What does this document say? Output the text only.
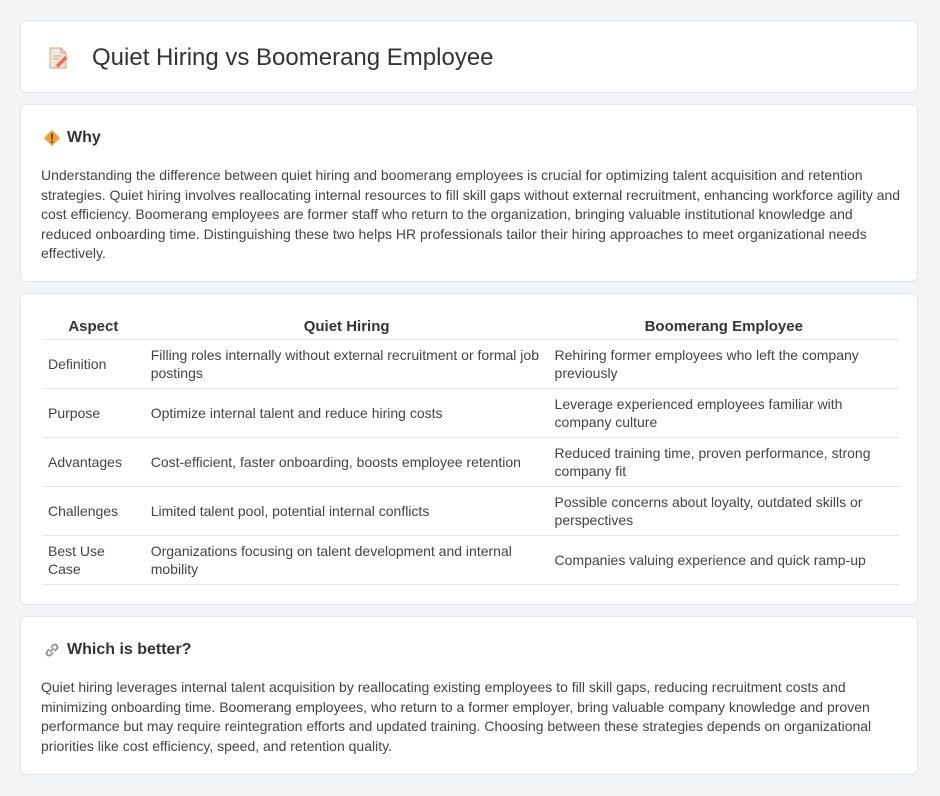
Quiet Hiring vs Boomerang Employee
Why

Understanding the difference between quiet hiring and boomerang employees is crucial for optimizing talent acquisition and retention strategies. Quiet hiring involves reallocating internal resources to fill skill gaps without external recruitment, enhancing workforce agility and cost efficiency. Boomerang employees are former staff who return to the organization, bringing valuable institutional knowledge and reduced onboarding time. Distinguishing these two helps HR professionals tailor their hiring approaches to meet organizational needs effectively.

Aspect	Quiet Hiring	Boomerang Employee
Definition	Filling roles internally without external recruitment or formal job postings	Rehiring former employees who left the company previously
Purpose	Optimize internal talent and reduce hiring costs	Leverage experienced employees familiar with company culture
Advantages	Cost-efficient, faster onboarding, boosts employee retention	Reduced training time, proven performance, strong company fit
Challenges	Limited talent pool, potential internal conflicts	Possible concerns about loyalty, outdated skills or perspectives
Best Use Case	Organizations focusing on talent development and internal mobility	Companies valuing experience and quick ramp-up
Which is better?

Quiet hiring leverages internal talent acquisition by reallocating existing employees to fill skill gaps, reducing recruitment costs and minimizing onboarding time. Boomerang employees, who return to a former employer, bring valuable company knowledge and proven performance but may require reintegration efforts and updated training. Choosing between these strategies depends on organizational priorities like cost efficiency, speed, and retention quality.
